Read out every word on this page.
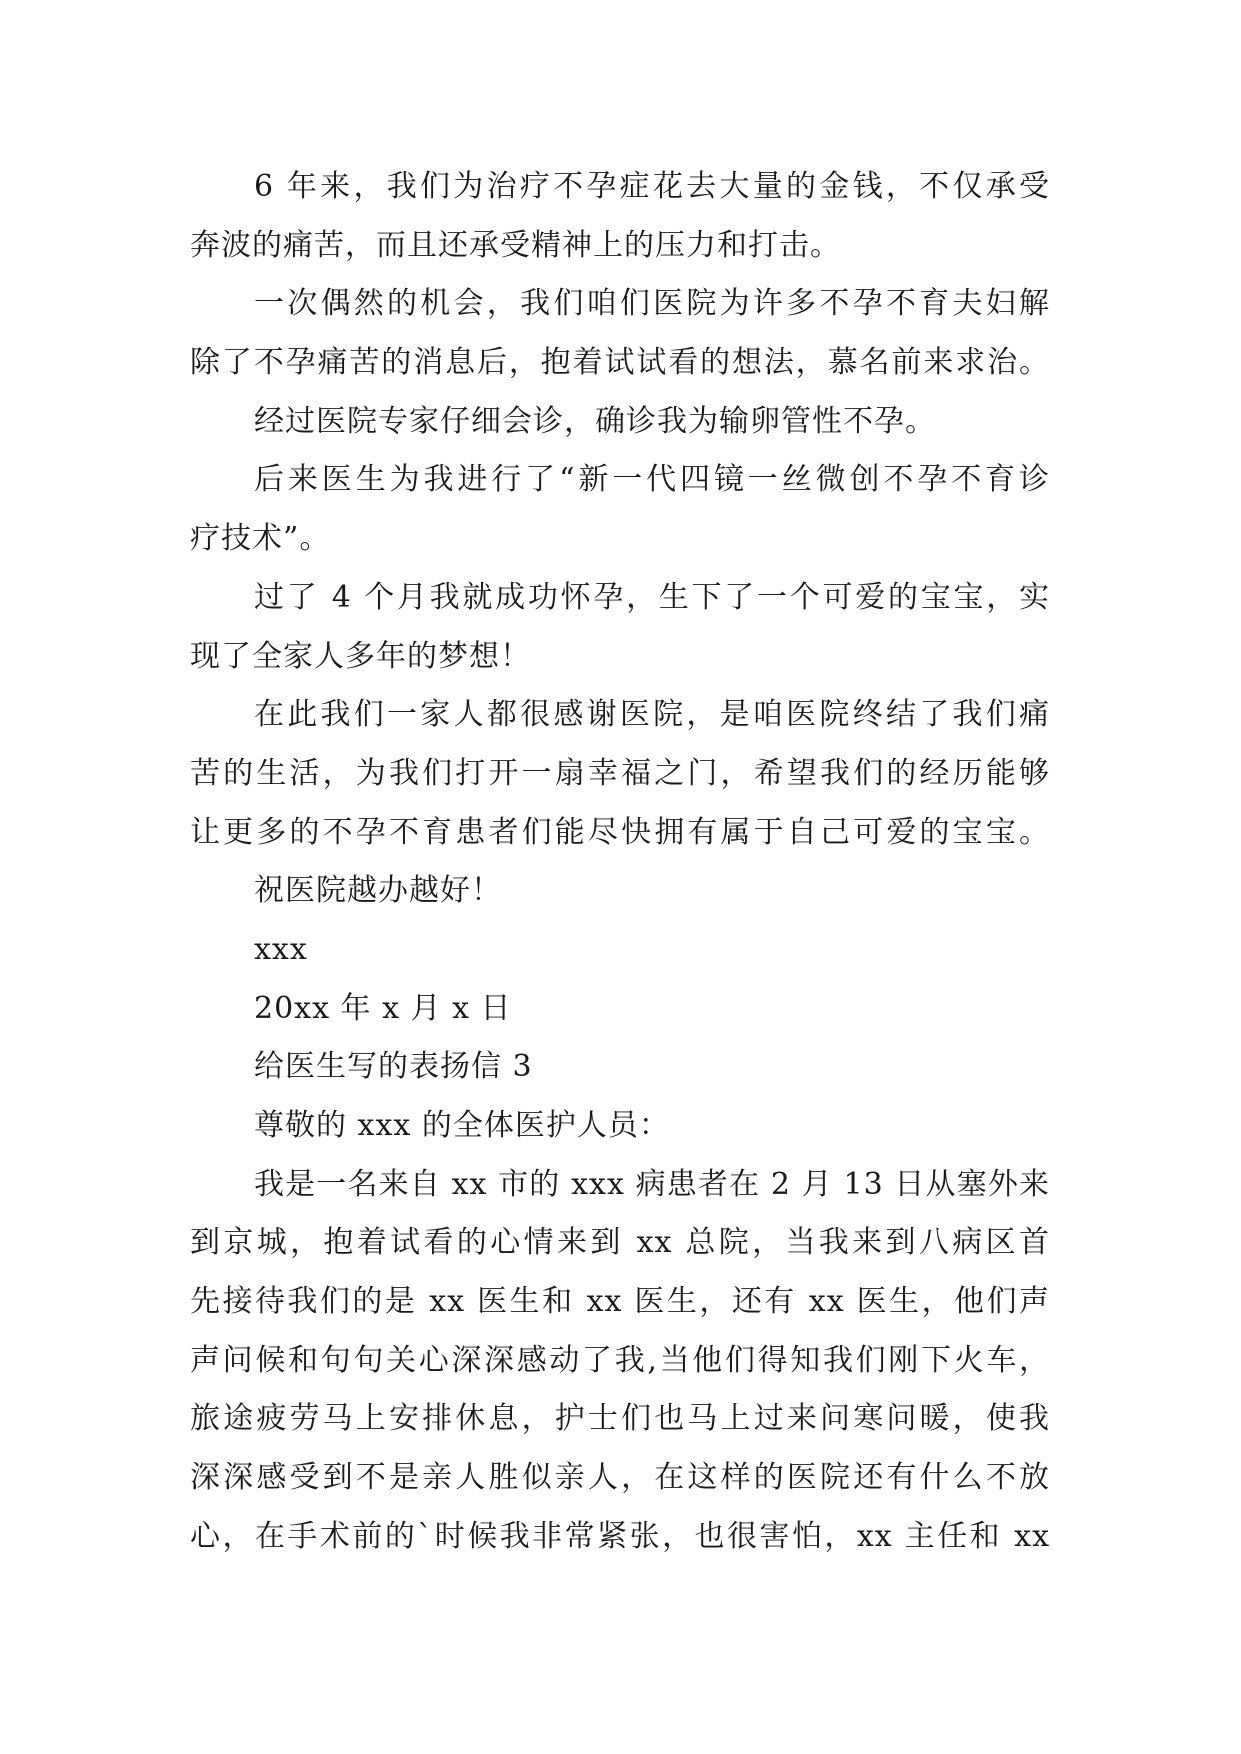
6 年来，我们为治疗不孕症花去大量的金钱，不仅承受
奔波的痛苦，而且还承受精神上的压力和打击。
一次偶然的机会，我们咱们医院为许多不孕不育夫妇解
除了不孕痛苦的消息后，抱着试试看的想法，慕名前来求治。
经过医院专家仔细会诊，确诊我为输卵管性不孕。
后来医生为我进行了“新一代四镜一丝微创不孕不育诊
疗技术”。
过了 4 个月我就成功怀孕，生下了一个可爱的宝宝，实
现了全家人多年的梦想！
在此我们一家人都很感谢医院，是咱医院终结了我们痛
苦的生活，为我们打开一扇幸福之门，希望我们的经历能够
让更多的不孕不育患者们能尽快拥有属于自己可爱的宝宝。
祝医院越办越好！
xxx
20xx 年 x 月 x 日
给医生写的表扬信 3
尊敬的 xxx 的全体医护人员：
我是一名来自 xx 市的 xxx 病患者在 2 月 13 日从塞外来
到京城，抱着试看的心情来到 xx 总院，当我来到八病区首
先接待我们的是 xx 医生和 xx 医生，还有 xx 医生，他们声
声问候和句句关心深深感动了我,当他们得知我们刚下火车，
旅途疲劳马上安排休息，护士们也马上过来问寒问暖，使我
深深感受到不是亲人胜似亲人，在这样的医院还有什么不放
心，在手术前的`时候我非常紧张，也很害怕，xx 主任和 xx
